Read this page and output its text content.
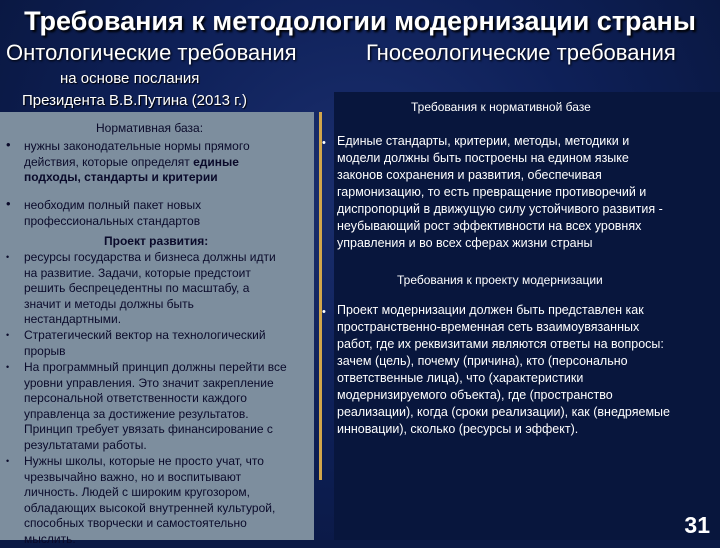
Требования к методологии модернизации страны
Онтологические требования	Гносеологические требования
на основе послания
Президента В.В.Путина (2013 г.)
Нормативная база:
• нужны законодательные нормы прямого
действия, которые определят единые
подходы, стандарты и критерии
• необходим полный пакет новых
профессиональных стандартов
Проект развития:
• ресурсы государства и бизнеса должны идти
на развитие. Задачи, которые предстоит
решить беспрецедентны по масштабу, а
значит и методы должны быть
нестандартными.
• Стратегический вектор на технологический
прорыв
• На программный принцип должны перейти все
уровни управления. Это значит закрепление
персональной ответственности каждого
управленца за достижение результатов.
Принцип требует увязать финансирование с
результатами работы.
• Нужны школы, которые не просто учат, что
чрезвычайно важно, но и воспитывают
личность. Людей с широким кругозором,
обладающих высокой внутренней культурой,
способных творчески и самостоятельно
мыслить.
Требования к нормативной базе
• Единые стандарты, критерии, методы, методики и
модели должны быть построены на едином языке
законов сохранения и развития, обеспечивая
гармонизацию, то есть превращение противоречий и
диспропорций в движущую силу устойчивого развития -
неубывающий рост эффективности на всех уровнях
управления и во всех сферах жизни страны
Требования к проекту модернизации
• Проект модернизации должен быть представлен как
пространственно-временная сеть взаимоувязанных
работ, где их реквизитами являются ответы на вопросы:
зачем (цель), почему (причина), кто (персонально
ответственные лица), что (характеристики
модернизируемого объекта), где (пространство
реализации), когда (сроки реализации), как (внедряемые
инновации), сколько (ресурсы и эффект).
31
